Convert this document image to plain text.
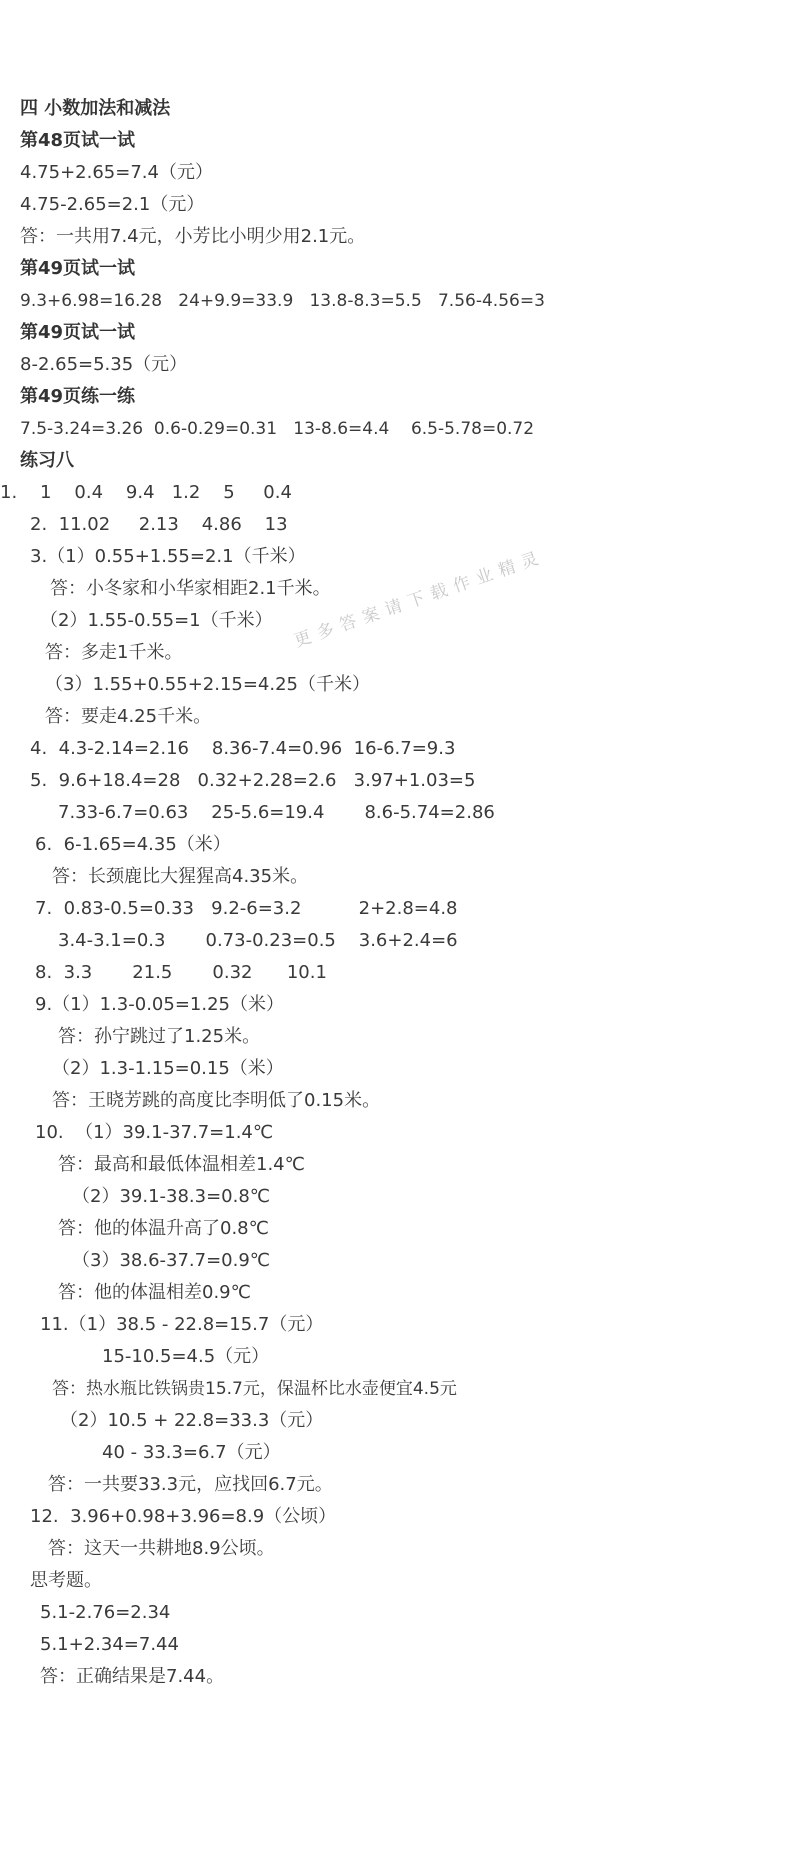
四 小数加法和减法
第48页试一试
4.75+2.65=7.4（元）
4.75-2.65=2.1（元）
答：一共用7.4元，小芳比小明少用2.1元。
第49页试一试
9.3+6.98=16.28   24+9.9=33.9   13.8-8.3=5.5   7.56-4.56=3
第49页试一试
8-2.65=5.35（元）
第49页练一练
7.5-3.24=3.26  0.6-0.29=0.31   13-8.6=4.4    6.5-5.78=0.72
练习八
1.    1    0.4    9.4   1.2    5     0.4
2.  11.02     2.13    4.86    13
3.（1）0.55+1.55=2.1（千米）
答：小冬家和小华家相距2.1千米。
（2）1.55-0.55=1（千米）
答：多走1千米。
（3）1.55+0.55+2.15=4.25（千米）
答：要走4.25千米。
4.  4.3-2.14=2.16    8.36-7.4=0.96  16-6.7=9.3
5.  9.6+18.4=28   0.32+2.28=2.6   3.97+1.03=5
7.33-6.7=0.63    25-5.6=19.4       8.6-5.74=2.86
6.  6-1.65=4.35（米）
答：长颈鹿比大猩猩高4.35米。
7.  0.83-0.5=0.33   9.2-6=3.2          2+2.8=4.8
3.4-3.1=0.3       0.73-0.23=0.5    3.6+2.4=6
8.  3.3       21.5       0.32      10.1
9.（1）1.3-0.05=1.25（米）
答：孙宁跳过了1.25米。
（2）1.3-1.15=0.15（米）
答：王晓芳跳的高度比李明低了0.15米。
10.  （1）39.1-37.7=1.4℃
答：最高和最低体温相差1.4℃
（2）39.1-38.3=0.8℃
答：他的体温升高了0.8℃
（3）38.6-37.7=0.9℃
答：他的体温相差0.9℃
11.（1）38.5 - 22.8=15.7（元）
15-10.5=4.5（元）
答：热水瓶比铁锅贵15.7元，保温杯比水壶便宜4.5元
（2）10.5 + 22.8=33.3（元）
40 - 33.3=6.7（元）
答：一共要33.3元，应找回6.7元。
12.  3.96+0.98+3.96=8.9（公顷）
答：这天一共耕地8.9公顷。
思考题。
5.1-2.76=2.34
5.1+2.34=7.44
答：正确结果是7.44。
更多答案请下载作业精灵
